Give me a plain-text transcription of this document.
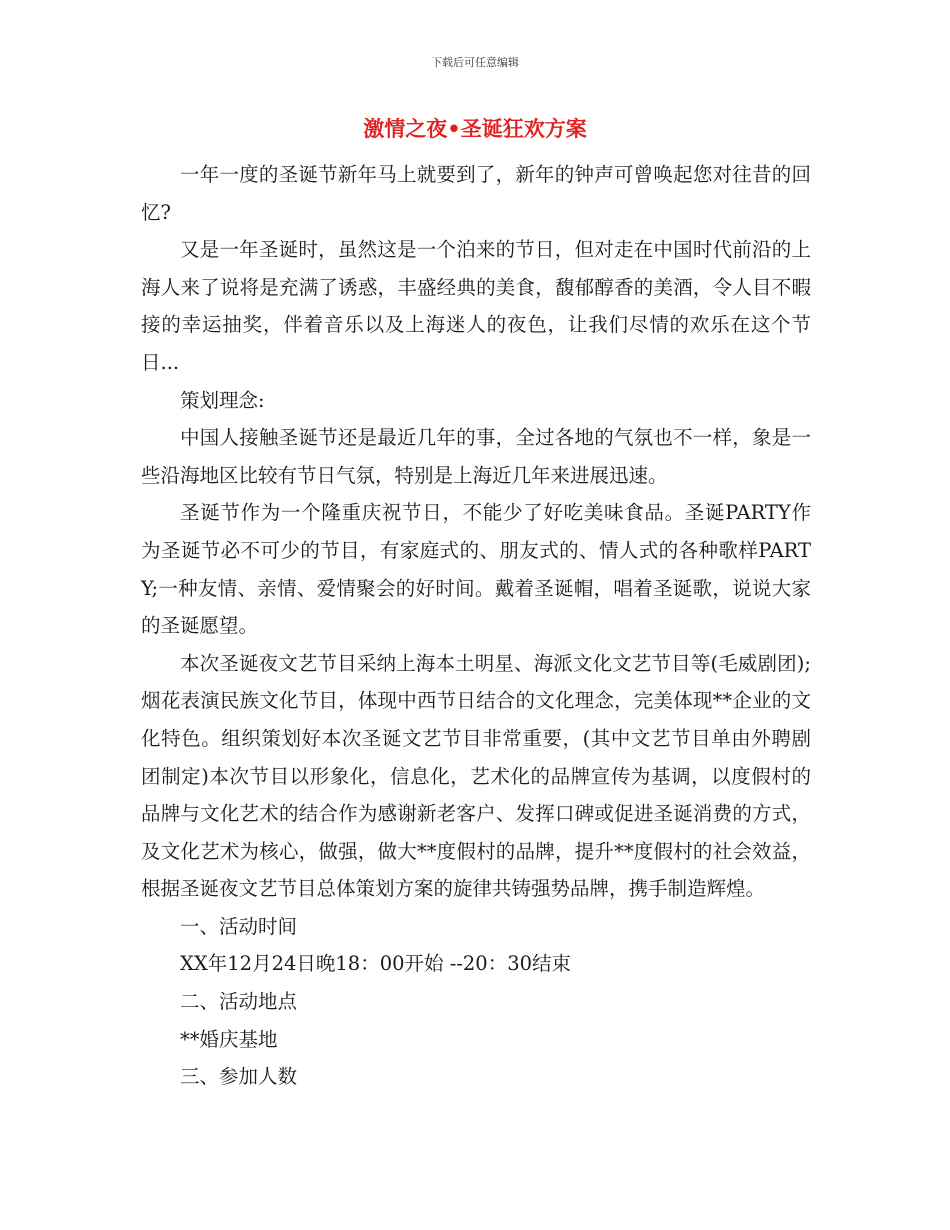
下载后可任意编辑
激情之夜•圣诞狂欢方案

一年一度的圣诞节新年马上就要到了，新年的钟声可曾唤起您对往昔的回忆?

又是一年圣诞时，虽然这是一个泊来的节日，但对走在中国时代前沿的上海人来了说将是充满了诱惑，丰盛经典的美食，馥郁醇香的美酒，令人目不暇接的幸运抽奖，伴着音乐以及上海迷人的夜色，让我们尽情的欢乐在这个节日...

策划理念:

中国人接触圣诞节还是最近几年的事，全过各地的气氛也不一样，象是一些沿海地区比较有节日气氛，特别是上海近几年来进展迅速。

圣诞节作为一个隆重庆祝节日，不能少了好吃美味食品。圣诞PARTY作为圣诞节必不可少的节目，有家庭式的、朋友式的、情人式的各种歌样PARTY;一种友情、亲情、爱情聚会的好时间。戴着圣诞帽，唱着圣诞歌，说说大家的圣诞愿望。

本次圣诞夜文艺节目采纳上海本土明星、海派文化文艺节目等(毛威剧团);烟花表演民族文化节目，体现中西节日结合的文化理念，完美体现**企业的文化特色。组织策划好本次圣诞文艺节目非常重要，(其中文艺节目单由外聘剧团制定)本次节目以形象化，信息化，艺术化的品牌宣传为基调，以度假村的品牌与文化艺术的结合作为感谢新老客户、发挥口碑或促进圣诞消费的方式，及文化艺术为核心，做强，做大**度假村的品牌，提升**度假村的社会效益，根据圣诞夜文艺节目总体策划方案的旋律共铸强势品牌，携手制造辉煌。

一、活动时间

XX年12月24日晚18：00开始 --20：30结束

二、活动地点

**婚庆基地

三、参加人数
